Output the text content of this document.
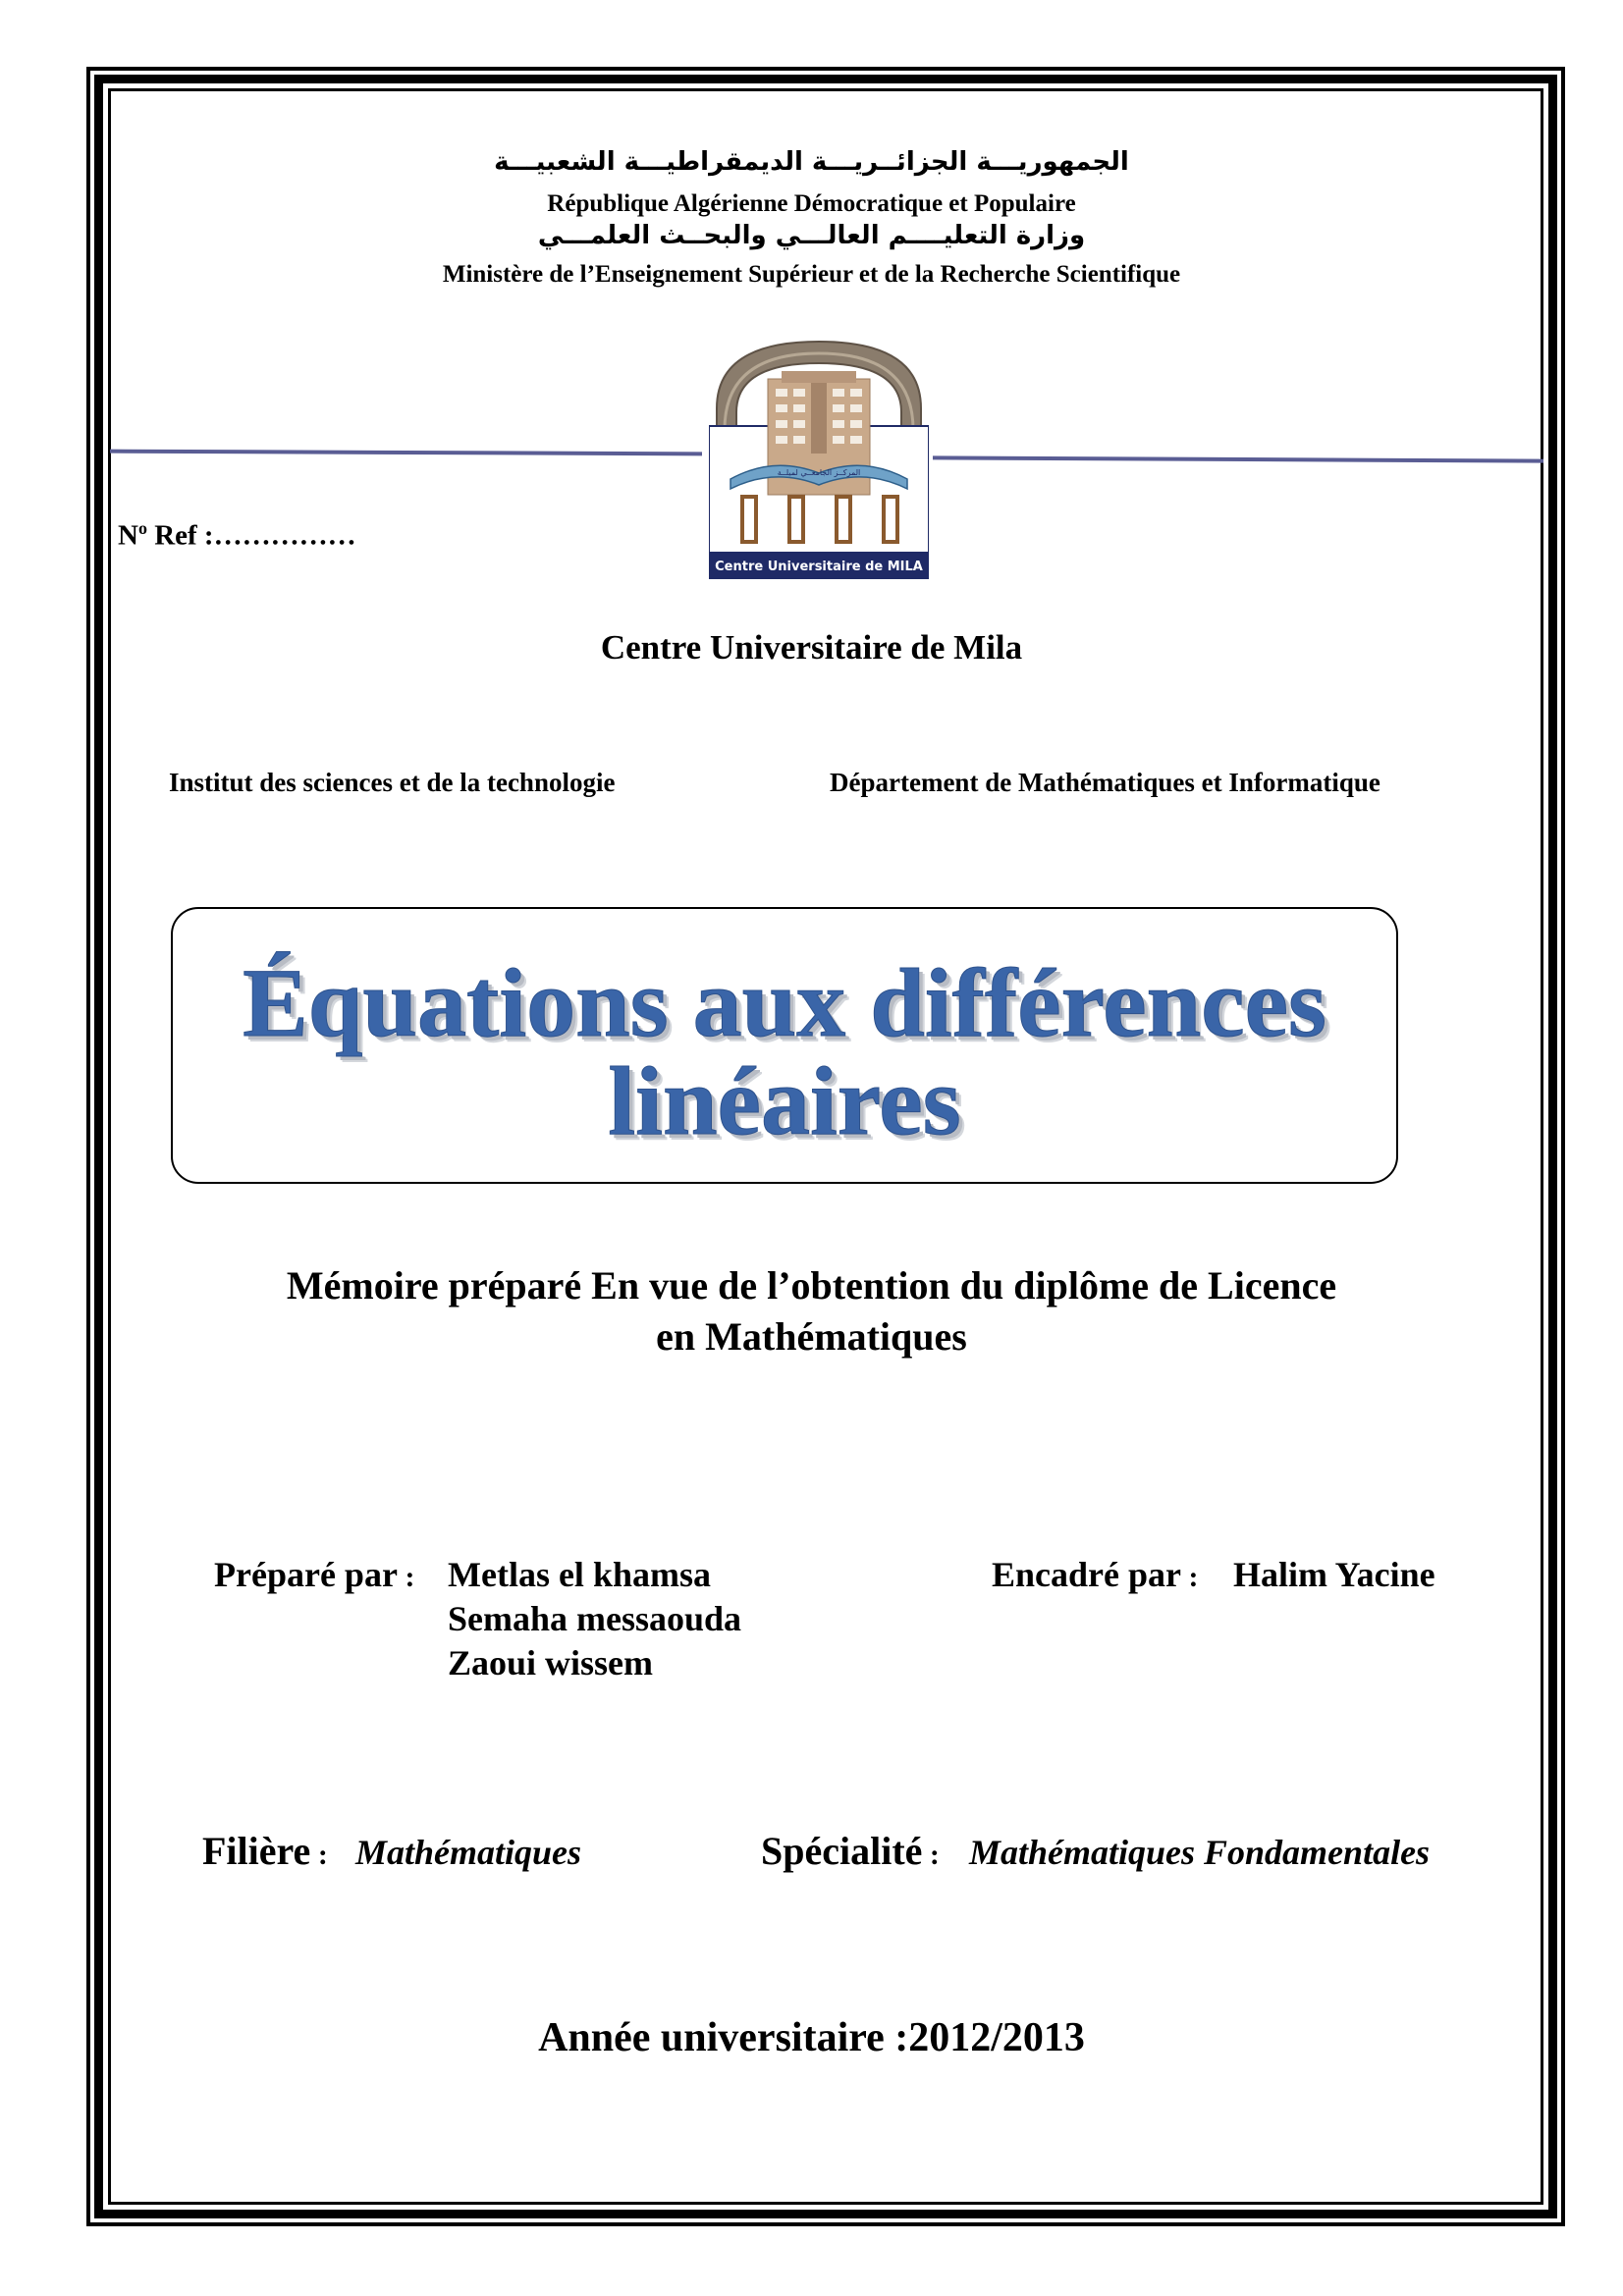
الجمهوريـــة الجزائــريـــة الديمقراطيـــة الشعبيـــة
République Algérienne Démocratique et Populaire
وزارة التعليــــم العالـــي والبحــث العلمـــي
Ministère de l’Enseignement Supérieur et de la Recherche Scientifique
المركــز الجامعــي لميلــة
Centre Universitaire de MILA
$N^o$ Ref :……………
Centre Universitaire de Mila
Institut des sciences et de la technologie	Département de Mathématiques et Informatique
Équations aux différences
linéaires
Mémoire préparé En vue de l’obtention du diplôme de Licence
en Mathématiques
Préparé par : Metlas el khamsa
Semaha messaouda
Zaoui wissem
Encadré par : Halim Yacine
Filière : Mathématiques	Spécialité : Mathématiques Fondamentales
Année universitaire :2012/2013
